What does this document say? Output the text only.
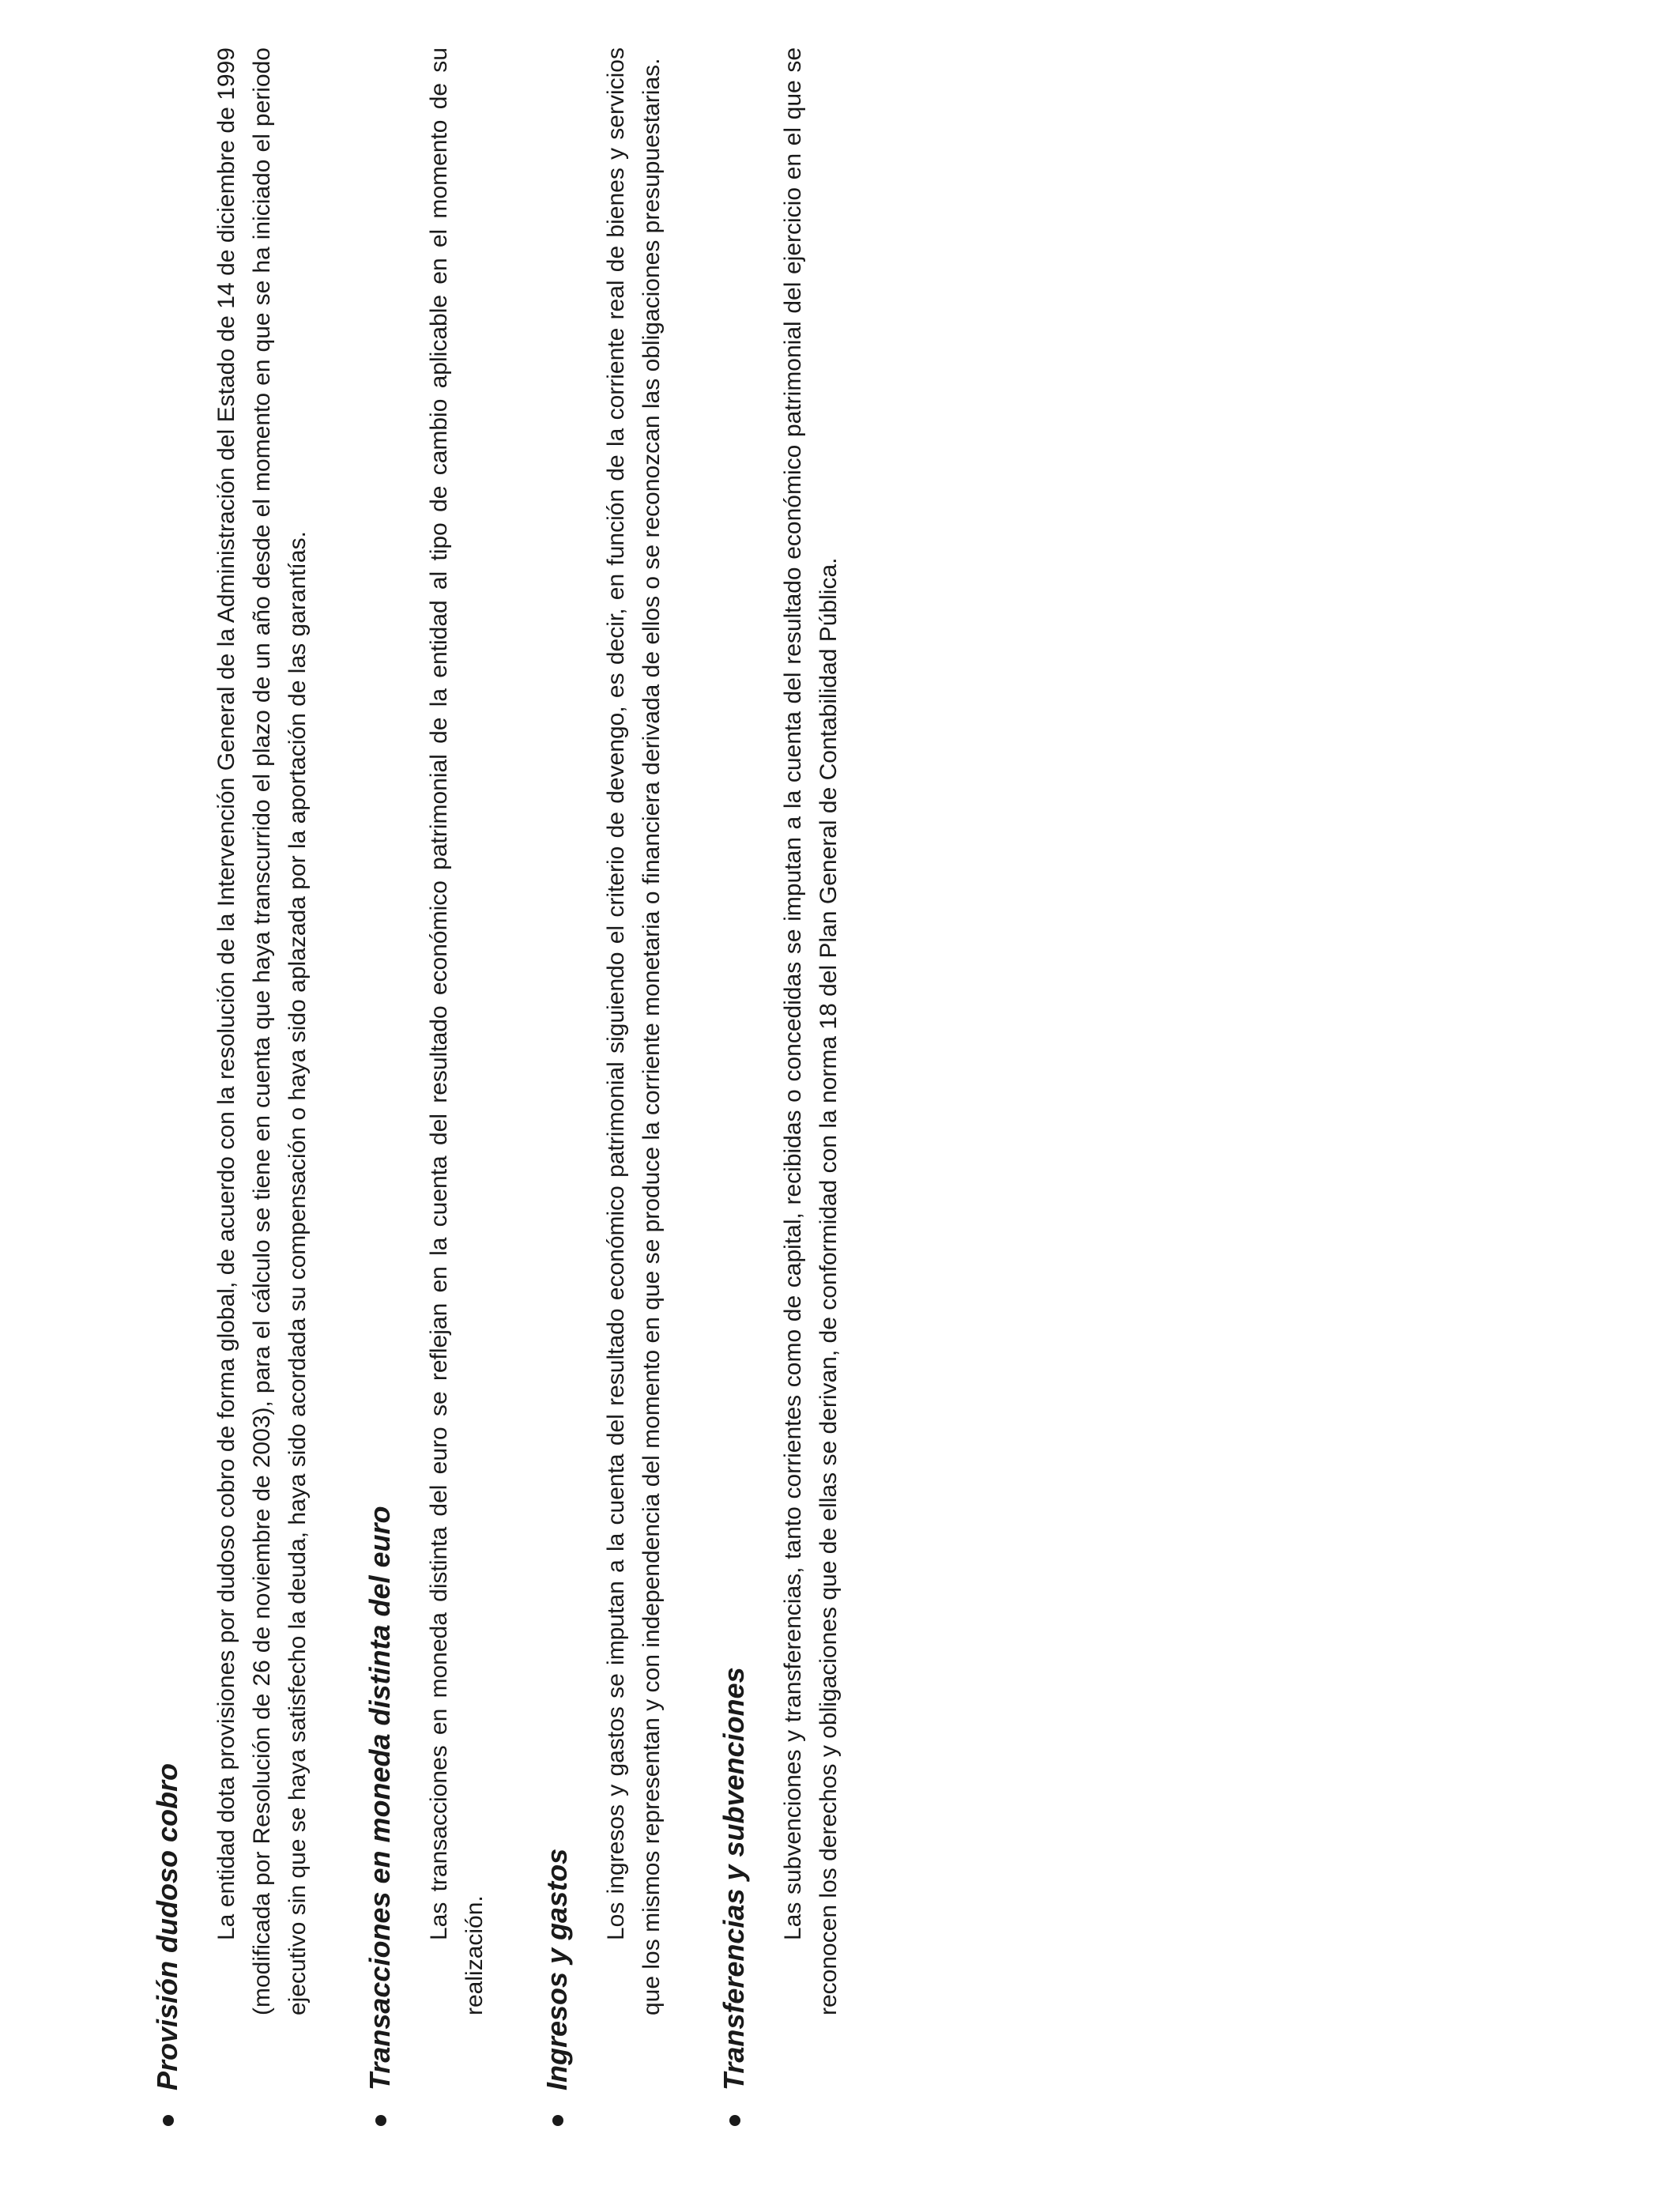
Provisión dudoso cobro La entidad dota provisiones por dudoso cobro de forma global, de acuerdo con la resolución de la Intervención General de la Administración del Estado de 14 de diciembre de 1999 (modificada por Resolución de 26 de noviembre de 2003), para el cálculo se tiene en cuenta que haya transcurrido el plazo de un año desde el momento en que se ha iniciado el periodo ejecutivo sin que se haya satisfecho la deuda, haya sido acordada su compensación o haya sido aplazada por la aportación de las garantías. Transacciones en moneda distinta del euro Las transacciones en moneda distinta del euro se reflejan en la cuenta del resultado económico patrimonial de la entidad al tipo de cambio aplicable en el momento de su realización. Ingresos y gastos

Los ingresos y gastos se imputan a la cuenta del resultado económico patrimonial siguiendo el criterio de devengo, es decir, en función de la corriente real de bienes y servicios que los mismos representan y con independencia del momento en que se produce la corriente monetaria o financiera derivada de ellos o se reconozcan las obligaciones presupuestarias. Transferencias y subvenciones Las subvenciones y transferencias, tanto corrientes como de capital, recibidas o concedidas se imputan a la cuenta del resultado económico patrimonial del ejercicio en el que se reconocen los derechos y obligaciones que de ellas se derivan, de conformidad con la norma 18 del Plan General de Contabilidad Pública.
